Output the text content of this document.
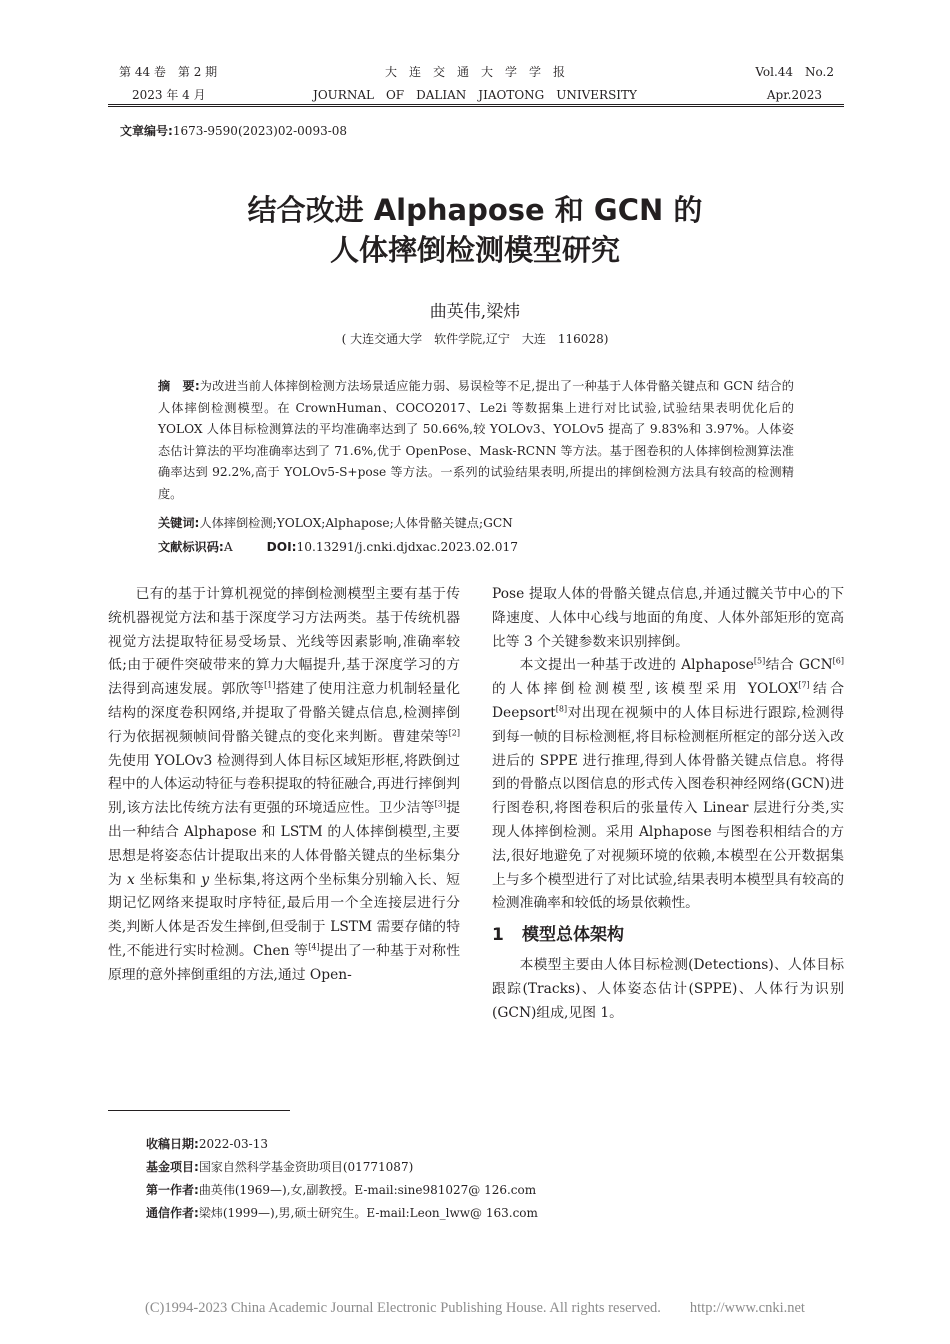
第 44 卷　第 2 期
2023 年 4 月
大　连　交　通　大　学　学　报
JOURNAL　OF　DALIAN　JIAOTONG　UNIVERSITY
Vol.44　No.2
Apr.2023
文章编号:1673-9590(2023)02-0093-08
结合改进 Alphapose 和 GCN 的
人体摔倒检测模型研究
曲英伟,梁炜
( 大连交通大学　软件学院,辽宁　大连　116028)
摘　要:为改进当前人体摔倒检测方法场景适应能力弱、易误检等不足,提出了一种基于人体骨骼关键点和 GCN 结合的人体摔倒检测模型。在 CrownHuman、COCO2017、Le2i 等数据集上进行对比试验,试验结果表明优化后的 YOLOX 人体目标检测算法的平均准确率达到了 50.66%,较 YOLOv3、YOLOv5 提高了 9.83%和 3.97%。人体姿态估计算法的平均准确率达到了 71.6%,优于 OpenPose、Mask-RCNN 等方法。基于图卷积的人体摔倒检测算法准确率达到 92.2%,高于 YOLOv5-S+pose 等方法。一系列的试验结果表明,所提出的摔倒检测方法具有较高的检测精度。
关键词:人体摔倒检测;YOLOX;Alphapose;人体骨骼关键点;GCN
文献标识码:A	DOI:10.13291/j.cnki.djdxac.2023.02.017

已有的基于计算机视觉的摔倒检测模型主要有基于传统机器视觉方法和基于深度学习方法两类。基于传统机器视觉方法提取特征易受场景、光线等因素影响,准确率较低;由于硬件突破带来的算力大幅提升,基于深度学习的方法得到高速发展。郭欣等[1]搭建了使用注意力机制轻量化结构的深度卷积网络,并提取了骨骼关键点信息,检测摔倒行为依据视频帧间骨骼关键点的变化来判断。曹建荣等[2]先使用 YOLOv3 检测得到人体目标区域矩形框,将跌倒过程中的人体运动特征与卷积提取的特征融合,再进行摔倒判别,该方法比传统方法有更强的环境适应性。卫少洁等[3]提出一种结合 Alphapose 和 LSTM 的人体摔倒模型,主要思想是将姿态估计提取出来的人体骨骼关键点的坐标集分为 x 坐标集和 y 坐标集,将这两个坐标集分别输入长、短期记忆网络来提取时序特征,最后用一个全连接层进行分类,判断人体是否发生摔倒,但受制于 LSTM 需要存储的特性,不能进行实时检测。Chen 等[4]提出了一种基于对称性原理的意外摔倒重组的方法,通过 Open-

Pose 提取人体的骨骼关键点信息,并通过髋关节中心的下降速度、人体中心线与地面的角度、人体外部矩形的宽高比等 3 个关键参数来识别摔倒。

本文提出一种基于改进的 Alphapose[5]结合 GCN[6]的人体摔倒检测模型,该模型采用 YOLOX[7]结合 Deepsort[8]对出现在视频中的人体目标进行跟踪,检测得到每一帧的目标检测框,将目标检测框所框定的部分送入改进后的 SPPE 进行推理,得到人体骨骼关键点信息。将得到的骨骼点以图信息的形式传入图卷积神经网络(GCN)进行图卷积,将图卷积后的张量传入 Linear 层进行分类,实现人体摔倒检测。采用 Alphapose 与图卷积相结合的方法,很好地避免了对视频环境的依赖,本模型在公开数据集上与多个模型进行了对比试验,结果表明本模型具有较高的检测准确率和较低的场景依赖性。

1 模型总体架构

本模型主要由人体目标检测(Detections)、人体目标跟踪(Tracks)、人体姿态估计(SPPE)、人体行为识别(GCN)组成,见图 1。

收稿日期:2022-03-13
基金项目:国家自然科学基金资助项目(01771087)
第一作者:曲英伟(1969—),女,副教授。E-mail:sine981027@ 126.com
通信作者:梁炜(1999—),男,硕士研究生。E-mail:Leon_lww@ 163.com
(C)1994-2023 China Academic Journal Electronic Publishing House. All rights reserved.　　http://www.cnki.net
